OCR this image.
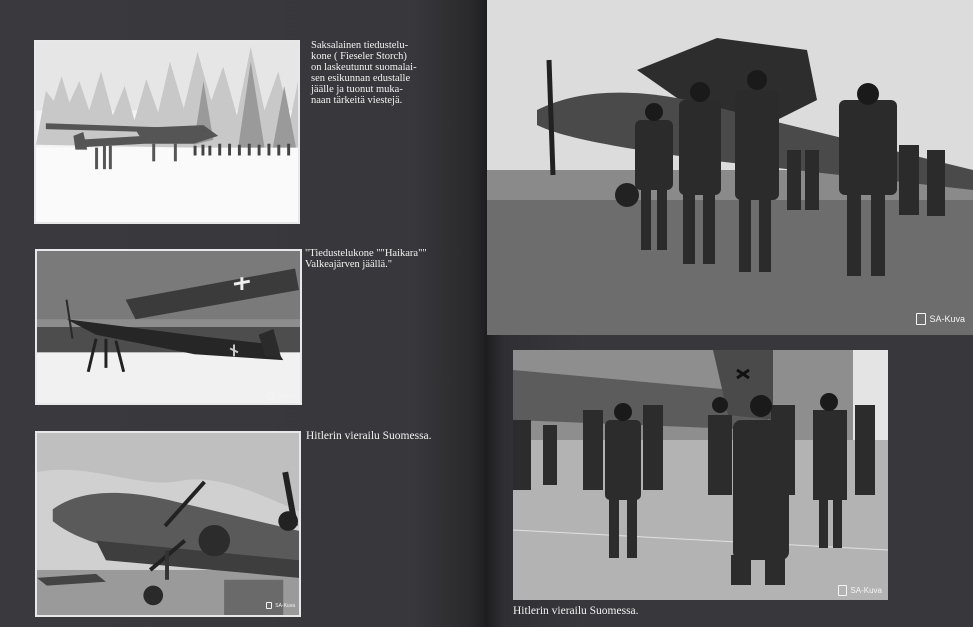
Saksalainen tiedustelu-
kone ( Fieseler Storch)
on laskeutunut suomalai-
sen esikunnan edustalle
jäälle ja tuonut muka-
naan tärkeitä viestejä.
SA-Kuva
"Tiedustelukone ""Haikara""
Valkeajärven jäällä."
SA-Kuva
Hitlerin vierailu Suomessa.
SA-Kuva
SA-Kuva
Hitlerin vierailu Suomessa.
